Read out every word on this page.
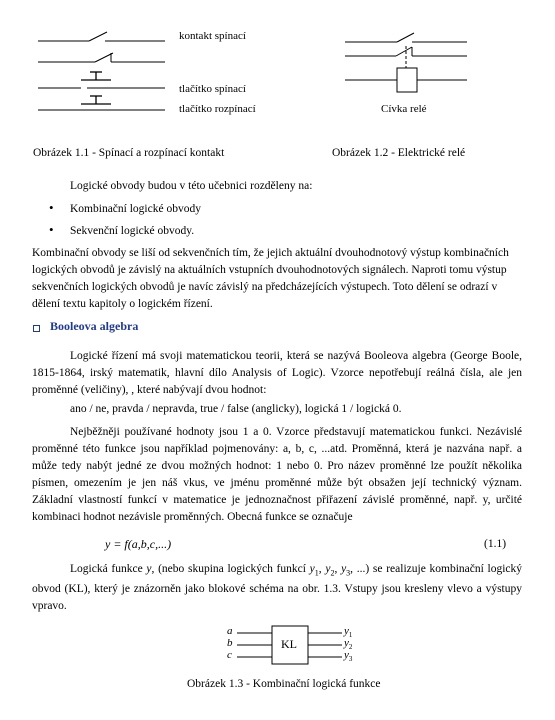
kontakt spínací
tlačítko spínací
tlačítko rozpínací
Obrázek 1.1 - Spínací a rozpínací kontakt
Cívka relé
Obrázek 1.2 - Elektrické relé
Logické obvody budou v této učebnici rozděleny na:
• Kombinační logické obvody
• Sekvenční logické obvody.
Kombinační obvody se liší od sekvenčních tím, že jejich aktuální dvouhodnotový výstup kombinačních logických obvodů je závislý na aktuálních vstupních dvouhodnotových signálech. Naproti tomu výstup sekvenčních logických obvodů je navíc závislý na předcházejících výstupech. Toto dělení se odrazí v dělení textu kapitoly o logickém řízení.
Booleova algebra
Logické řízení má svoji matematickou teorii, která se nazývá Booleova algebra (George Boole, 1815-1864, irský matematik, hlavní dílo Analysis of Logic). Vzorce nepotřebují reálná čísla, ale jen proměnné (veličiny), , které nabývají dvou hodnot:
ano / ne, pravda / nepravda, true / false (anglicky), logická 1 / logická 0.
Nejběžněji používané hodnoty jsou 1 a 0. Vzorce představují matematickou funkci. Nezávislé proměnné této funkce jsou například pojmenovány: a, b, c, ...atd. Proměnná, která je nazvána např. a může tedy nabýt jedné ze dvou možných hodnot: 1 nebo 0. Pro název proměnné lze použít několika písmen, omezením je jen náš vkus, ve jménu proměnné může být obsažen její technický význam. Základní vlastností funkcí v matematice je jednoznačnost přiřazení závislé proměnné, např. y, určité kombinaci hodnot nezávisle proměnných. Obecná funkce se označuje
y = f(a,b,c,...)	(1.1)
Logická funkce y, (nebo skupina logických funkcí $y_1$, $y_2$, $y_3$, ...) se realizuje kombinační logický obvod (KL), který je znázorněn jako blokové schéma na obr. 1.3. Vstupy jsou kresleny vlevo a výstupy vpravo.
a
b
c
KL
$y_1$
$y_2$
$y_3$
Obrázek 1.3 - Kombinační logická funkce
